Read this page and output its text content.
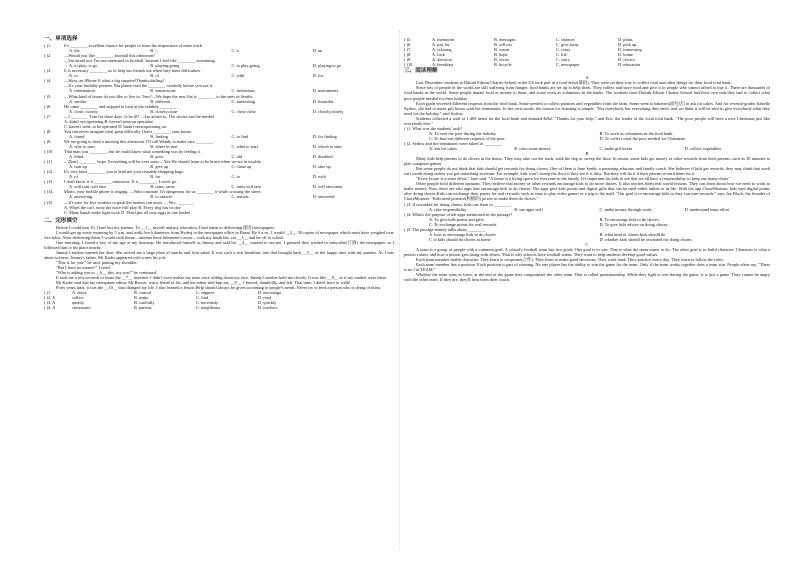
一、单项选择
( )1.	It's ________ excellent chance for people to learn the importance of team work.
A. the	B. /	C. a	D. an
( )2.	—Would you like ________ football this afternoon?
—I'm afraid not. I'm not interested in football. Instead, I feel like ________ swimming.
A. to play; to go	B. playing;going	C. to play;going	D. playing;to go
( )3.	It is necessary ________ us to help our friends out when they meet difficulties.
A. to	B. of	C. with	D. for
( )4.	—Wow, an iPhone 8, what a big surprise!Thanks,darling!
—It's your birthday present. But please read the ________ carefully before you use it.
A. information	B. instructions	C. invitations	D. instruments
( )5.	—What kind of house do you like to live in, Tom?—We hope the new flat is ________ to the ones in Seattle.
A. similar	B. different	C. interesting	D. beautiful
( )6.	He came ________ and stopped to look at the exhibits ________.
A. close, closely	B. closely,close	C. close,close	D. closely,closely
( )7.	—I ________ Tom for three days. Is he ill? —I'm afraid so. The doctor said he needed
A. didn't see;operating B. haven't seen;an operation
C. haven't seen; to be operated D. hadn't seen;operating on
( )8.	You can never imagine what great difficulty I have ________ your house.
A. found	B. finding	C. to find	D. for finding
( )9.	We are going to have a meeting this afternoon. I'll call Wendy to make sure ________.
A. why to start	B. when to start	C. what to start	D. which to start
( )10.	That man was ________, but he could know what something was by feeling it.
A. blind	B. poor	C. old	D. disabled
( )11.	—Don't ________ hope. Everything will be over soon.—Yes.We should learn to be brave when we are in trouble.
A. turn up	B. give up	C. clean up	D. take up
( )12.	It's very kind ________ you to lend me your reusable shopping bags.
A. of	B. for	C. to	D. with
( )13.	I don't know if it ________ tomorrow. If it ________, I won't go.
A. will rain, will rain	B. rains, rains	C. rains,will rain	D. will rain,rains
( )14.	Mario, your mobile phone is ringing. —Wait a minute. It's dangerous for us ________ it while crossing the street.
A. answering	B. to answer	C. answer	D. answered
( )15.	—It's easy for five workers to push the broken van away. —Yes. ________
A. When the cat's away the mice will play B. Every dog has its day
C. Many hands make light work D. Don't put all your eggs in one basket
二、完形填空

Before I could turn 10, I had lost my parents. To __1__ myself and my education, I had taken to delivering(递送) newspapers.

I would get up every morning by 5 a.m. and walk five kilometers from Hyderj to the newspaper office in Bazar. By 6 a.m., I would __2__ 50 copies of newspaper which must have weighed over five kilos. After delivering them, I would rush home—another three kilometer's away—cook my breakfast, eat __3__ and be off to school.

One morning, I found a boy of my age at my doorstep. He introduced himself as Jimmy and said his __4__ wanted to see me. I guessed they wished to subscribe(订阅) the newspaper, so I followed him to his place nearby.

Jimmy's mother opened the door. She served me a large plate of snacks and fruit salad. It was such a rich breakfast, one that brought back __5__ of the happy time with my parents. As I was about to leave, Jimmy's father, Mr Kader appeared with a new bicycle.

"This is for you!" he said, patting my shoulder.

"But I have no money!" I cried.

"Who is asking you to __6__ this, my son?" he continued.

It took me a few seconds to sense the __7__ moment. I didn't even realize my tears were rolling down my face. Jimmy's mother held me closely. It was like __8__ as if my mother were there.

Mr Kader said that my newspaper editor, Mr Brown, was a friend of his, and the editor told him my __9__. I bowed, thankfully, and left. That time, I didn't have to walk!

Forty years later, it was the __10__ that changed my life. I also learned a lesson.Help should always be given according to people's needs. Never try to feed a person who is dying of thirst.

( )1.	A. enjoy	B. control	C. support	D. encourage
( )2. A	collect	B. make	C. find	D. read
( )3. A	quietly	B. carefully	C. nervously	D. quickly
( )4. A	classmates	B. parents	C. neighbours	D. teachers
( )5.	A. memories	B. messages	C. chances	D. plans
( )6.	A. pay for	B. sell out	C. give away	D. pick up
( )7.	A. relaxing	B. warm	C. crazy	D. interesting
( )8.	A. luck	B. hope	C. life	D. home
( )9.	A. decision	B. secret	C. story	D. choice
( )10.	A. breakfast	B. bicycle	C. newspaper	D. education
三、阅读理解
A

Last December, students at Duluth Edison Charter School in the US took part in a food drive(募捐). They were on their way to collect food and other things for their local food bank.

Since lots of people in the world are still suffering from hunger, food banks are set up to help them. They collect and store food and give it to people who cannot afford to buy it. There are thousands of food banks in the world. Some people donate food or money to them, and some work as volunteers in the banks. The students from Duluth Edison Charter School had their own task:they had to collect what poor people needed for their holiday.

Each grade received different requests from the food bank. Some needed to collect potatoes and vegetables from the farm. Some went to bakeries(面包店) to ask for cakes. And for seventh-grader Isabelle Sydow, she had to make gift boxes with her teammates. In her own words, the reason for donating is simple: "Not everybody has everything they need, and we think it will be nice to give everybody what they need for the holiday," said Sydow.

Students collected a total of 1,409 items for the food bank and donated $262. "Thanks for your help," and Eric, the leader of the local food bank. "The poor people will have a nice Christmas just like everybody else."

( )1. What was the students' task?
A. To visit the poor during the holiday.	B. To work as volunteers in the food bank.
C. To find out different requests of the poor.	D. To collect what the poor needed for Christmas.
( )2. Sydow and her teammates were asked to ________.
A. ask for cakes	B. raise some money	C. make gift boxes	D. collect vegetables
B

Many kids help parents to do chores in the house. They may take out the trash, walk the dog or sweep the floor. In return, some kids get money or other rewards from their parents, such as 30 minutes to play computer games.

But some people do not think that kids should get rewards for doing chores. One of them is Jane Smith, a parenting educator and family coach. She believes if kids get rewards, they may think that work isn't worth doing unless you get something in return. For example, kids won't sweep the floor if they see it is dirty. But they will do it if their parents reward them for it.

"Every house is a team effort," Jane said. "A home is a living space for everyone in the family. It's important for kids to see that we all have a responsibility to keep our home clean."

Other people hold different opinions. They believe that money or other rewards encourage kids to do more chores. It also teaches them real world lessons. They can learn about how we need to work to make money. Now, there are also apps that encourage kids to do chores. The apps give kids points and digital gifts that can be used either online or in life. With the app ChoreMonster, kids earn digital points after doing chores.Kids can exchange their points for real rewards, such as time to play video games or a trip to the mall. "Our goal is to encourage kids so they can earn rewards," says Joe Black, the founder of ChoreMonster. "Kids need positive(积极的) power to make them do chores."

( )3. If rewarded for doing chores, kids can learn to ________.
A. take responsibility	B. use apps well	C. make money through work	D. understand team effort
( )4. What's the purpose of the apps mentioned in the passage?
A. To give kids points and gifts.	B. To encourage kids to do chores.
C. To exchange points for real rewards.	D. To give kids advice on doing chores.
( )5. The passage mainly talks about ________.
A. how to encourage kids to do chores	B. what kind of chores kids should do
C. if kids should do chores at home	D. whether kids should be rewarded for doing chores
C

A team is a group of people with a common goal. A school's football team has two goals. One goal is to win. That is what the team wants to do. The other goal is to build character. Character is what a person values, and how a person gets along with others. That is why schools have football teams. They want to help students develop good values.

Each team member builds character. They learn to cooperate(合作). They learn to make good decisions. They work hard. They practice every day. They learn to follow the rules.

Each team member has a position. Each position is part of winning. No one player has the ability to win the game for the team. Only if the team works together does a team win. People often say, "There is no I in TEAM."

Whether the team wins or loses, at the end of the game they congratulate the other team. That is called sportsmanship. While they fight to win during the game, it is just a game. They cannot be angry with the other team. If they are, they'll hear from their coach.
